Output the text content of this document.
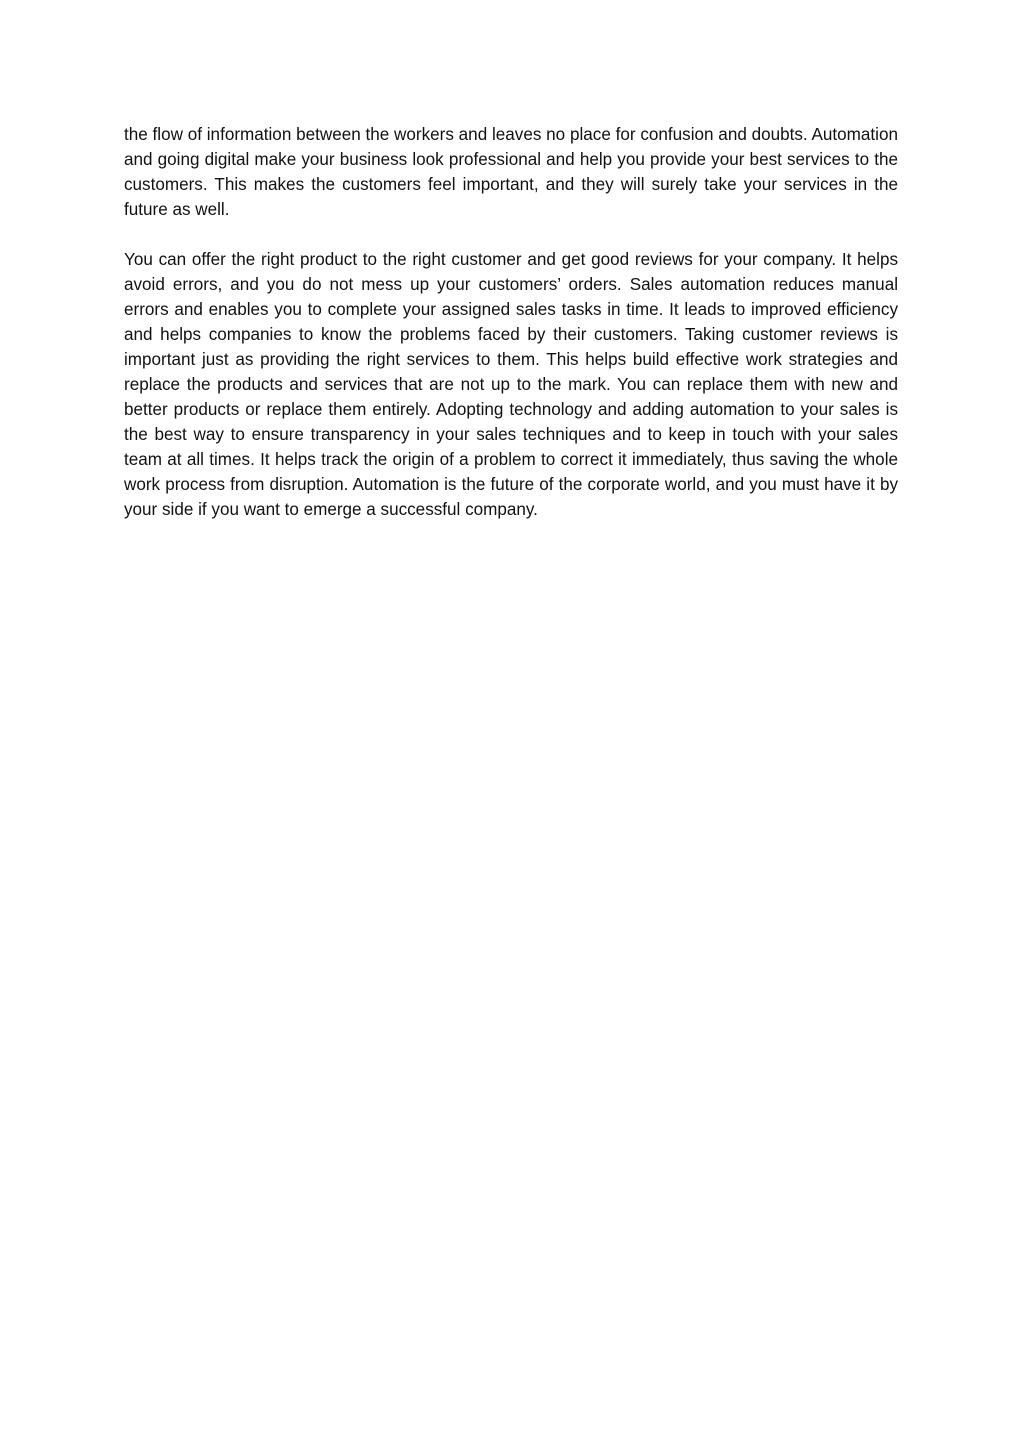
the flow of information between the workers and leaves no place for confusion and doubts. Automation and going digital make your business look professional and help you provide your best services to the customers. This makes the customers feel important, and they will surely take your services in the future as well.

You can offer the right product to the right customer and get good reviews for your company. It helps avoid errors, and you do not mess up your customers’ orders. Sales automation reduces manual errors and enables you to complete your assigned sales tasks in time. It leads to improved efficiency and helps companies to know the problems faced by their customers. Taking customer reviews is important just as providing the right services to them. This helps build effective work strategies and replace the products and services that are not up to the mark. You can replace them with new and better products or replace them entirely. Adopting technology and adding automation to your sales is the best way to ensure transparency in your sales techniques and to keep in touch with your sales team at all times. It helps track the origin of a problem to correct it immediately, thus saving the whole work process from disruption. Automation is the future of the corporate world, and you must have it by your side if you want to emerge a successful company.
